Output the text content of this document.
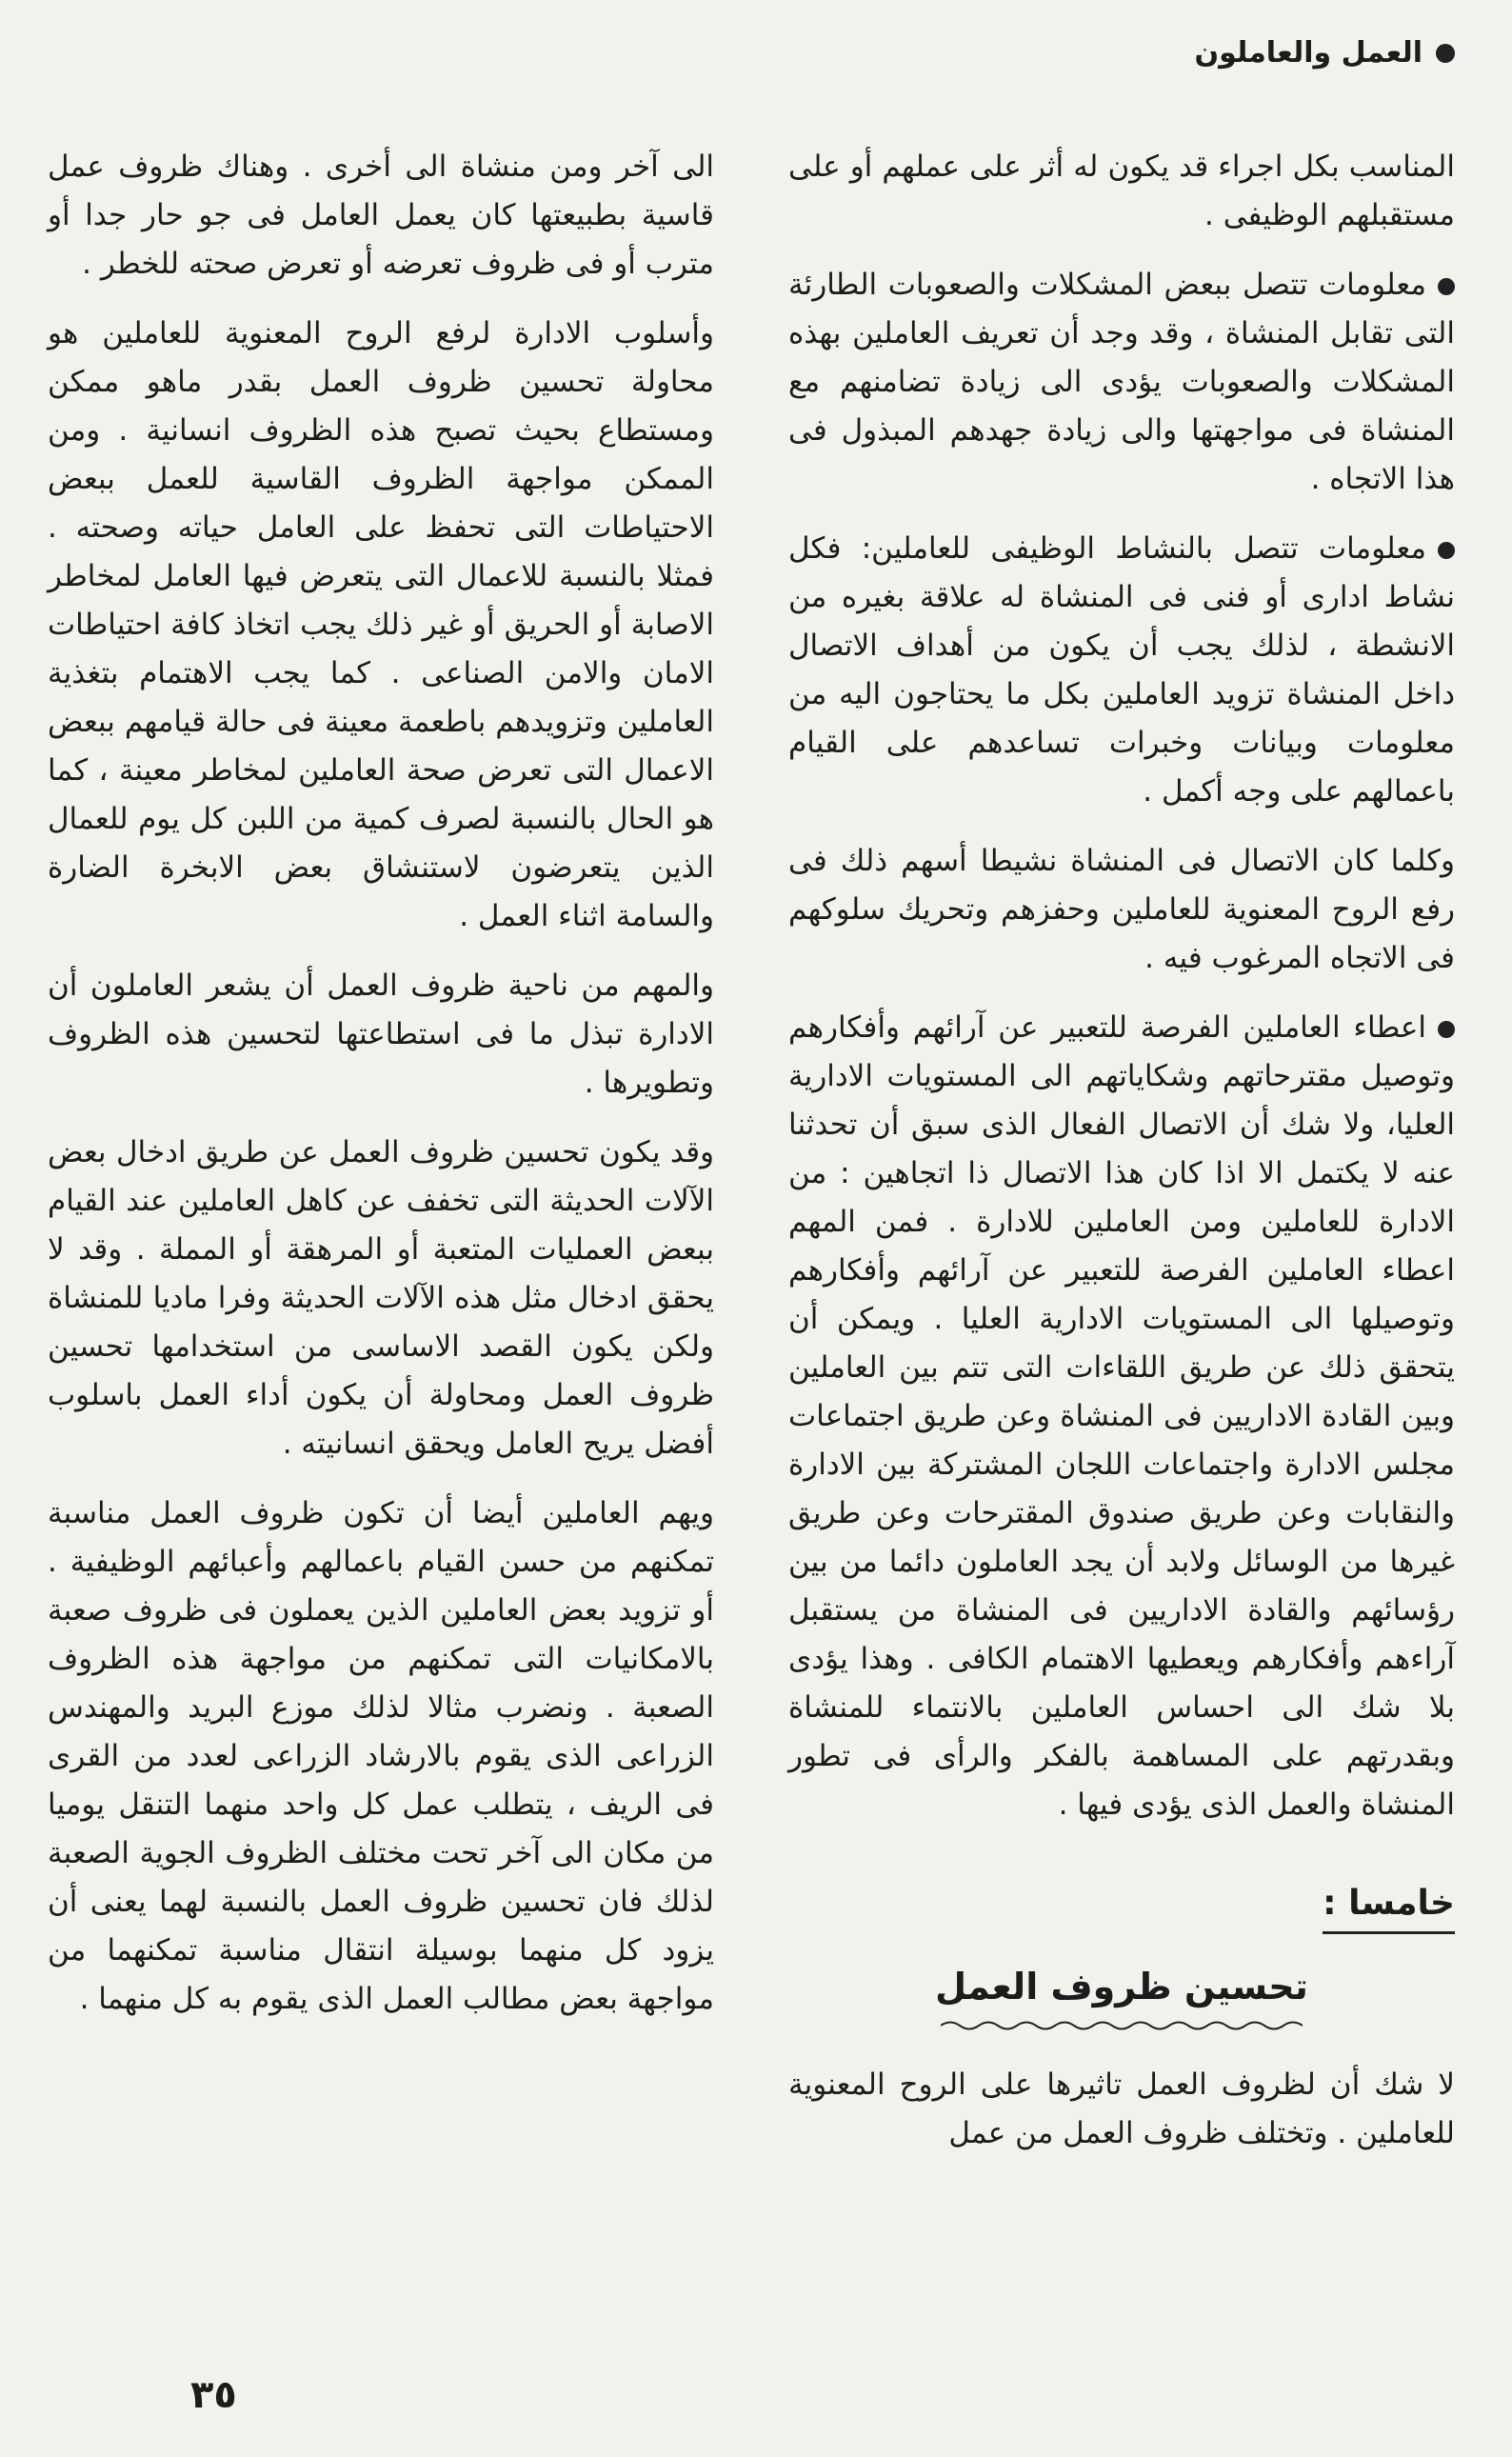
العمل والعاملون

المناسب بكل اجراء قد يكون له أثر على عملهم أو على مستقبلهم الوظيفى .

معلومات تتصل ببعض المشكلات والصعوبات الطارئة التى تقابل المنشاة ، وقد وجد أن تعريف العاملين بهذه المشكلات والصعوبات يؤدى الى زيادة تضامنهم مع المنشاة فى مواجهتها والى زيادة جهدهم المبذول فى هذا الاتجاه .

معلومات تتصل بالنشاط الوظيفى للعاملين: فكل نشاط ادارى أو فنى فى المنشاة له علاقة بغيره من الانشطة ، لذلك يجب أن يكون من أهداف الاتصال داخل المنشاة تزويد العاملين بكل ما يحتاجون اليه من معلومات وبيانات وخبرات تساعدهم على القيام باعمالهم على وجه أكمل .

وكلما كان الاتصال فى المنشاة نشيطا أسهم ذلك فى رفع الروح المعنوية للعاملين وحفزهم وتحريك سلوكهم فى الاتجاه المرغوب فيه .

اعطاء العاملين الفرصة للتعبير عن آرائهم وأفكارهم وتوصيل مقترحاتهم وشكاياتهم الى المستويات الادارية العليا، ولا شك أن الاتصال الفعال الذى سبق أن تحدثنا عنه لا يكتمل الا اذا كان هذا الاتصال ذا اتجاهين : من الادارة للعاملين ومن العاملين للادارة . فمن المهم اعطاء العاملين الفرصة للتعبير عن آرائهم وأفكارهم وتوصيلها الى المستويات الادارية العليا . ويمكن أن يتحقق ذلك عن طريق اللقاءات التى تتم بين العاملين وبين القادة الاداريين فى المنشاة وعن طريق اجتماعات مجلس الادارة واجتماعات اللجان المشتركة بين الادارة والنقابات وعن طريق صندوق المقترحات وعن طريق غيرها من الوسائل ولابد أن يجد العاملون دائما من بين رؤسائهم والقادة الاداريين فى المنشاة من يستقبل آراءهم وأفكارهم ويعطيها الاهتمام الكافى . وهذا يؤدى بلا شك الى احساس العاملين بالانتماء للمنشاة وبقدرتهم على المساهمة بالفكر والرأى فى تطور المنشاة والعمل الذى يؤدى فيها .

خامسا :
تحسين ظروف العمل

لا شك أن لظروف العمل تاثيرها على الروح المعنوية للعاملين . وتختلف ظروف العمل من عمل

الى آخر ومن منشاة الى أخرى . وهناك ظروف عمل قاسية بطبيعتها كان يعمل العامل فى جو حار جدا أو مترب أو فى ظروف تعرضه أو تعرض صحته للخطر .

وأسلوب الادارة لرفع الروح المعنوية للعاملين هو محاولة تحسين ظروف العمل بقدر ماهو ممكن ومستطاع بحيث تصبح هذه الظروف انسانية . ومن الممكن مواجهة الظروف القاسية للعمل ببعض الاحتياطات التى تحفظ على العامل حياته وصحته . فمثلا بالنسبة للاعمال التى يتعرض فيها العامل لمخاطر الاصابة أو الحريق أو غير ذلك يجب اتخاذ كافة احتياطات الامان والامن الصناعى . كما يجب الاهتمام بتغذية العاملين وتزويدهم باطعمة معينة فى حالة قيامهم ببعض الاعمال التى تعرض صحة العاملين لمخاطر معينة ، كما هو الحال بالنسبة لصرف كمية من اللبن كل يوم للعمال الذين يتعرضون لاستنشاق بعض الابخرة الضارة والسامة اثناء العمل .

والمهم من ناحية ظروف العمل أن يشعر العاملون أن الادارة تبذل ما فى استطاعتها لتحسين هذه الظروف وتطويرها .

وقد يكون تحسين ظروف العمل عن طريق ادخال بعض الآلات الحديثة التى تخفف عن كاهل العاملين عند القيام ببعض العمليات المتعبة أو المرهقة أو المملة . وقد لا يحقق ادخال مثل هذه الآلات الحديثة وفرا ماديا للمنشاة ولكن يكون القصد الاساسى من استخدامها تحسين ظروف العمل ومحاولة أن يكون أداء العمل باسلوب أفضل يريح العامل ويحقق انسانيته .

ويهم العاملين أيضا أن تكون ظروف العمل مناسبة تمكنهم من حسن القيام باعمالهم وأعبائهم الوظيفية . أو تزويد بعض العاملين الذين يعملون فى ظروف صعبة بالامكانيات التى تمكنهم من مواجهة هذه الظروف الصعبة . ونضرب مثالا لذلك موزع البريد والمهندس الزراعى الذى يقوم بالارشاد الزراعى لعدد من القرى فى الريف ، يتطلب عمل كل واحد منهما التنقل يوميا من مكان الى آخر تحت مختلف الظروف الجوية الصعبة لذلك فان تحسين ظروف العمل بالنسبة لهما يعنى أن يزود كل منهما بوسيلة انتقال مناسبة تمكنهما من مواجهة بعض مطالب العمل الذى يقوم به كل منهما .

٣٥
